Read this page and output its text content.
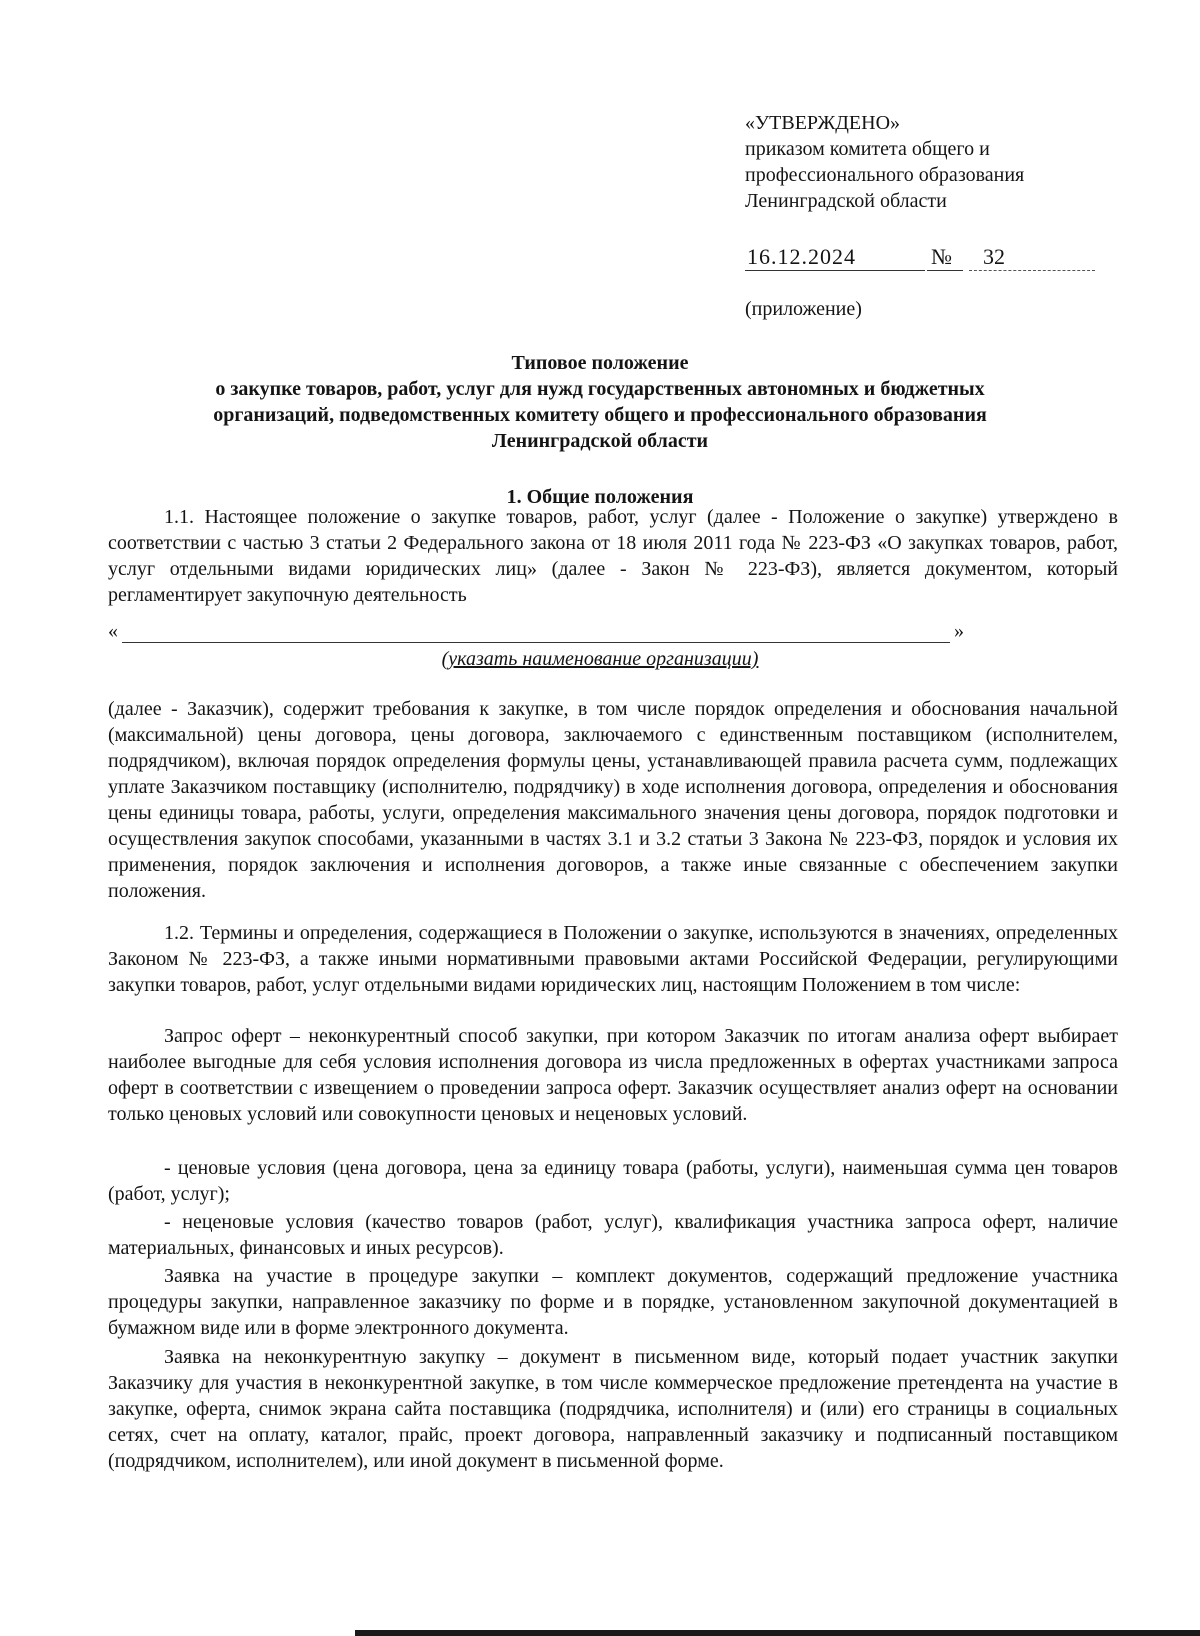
«УТВЕРЖДЕНО»
приказом комитета общего и
профессионального образования
Ленинградской области
16.12.2024	№	32
(приложение)
Типовое положение
о закупке товаров, работ, услуг для нужд государственных автономных и бюджетных
организаций, подведомственных комитету общего и профессионального образования
Ленинградской области
1. Общие положения

1.1. Настоящее положение о закупке товаров, работ, услуг (далее - Положение о закупке) утверждено в соответствии с частью 3 статьи 2 Федерального закона от 18 июля 2011 года № 223-ФЗ «О закупках товаров, работ, услуг отдельными видами юридических лиц» (далее - Закон № 223-ФЗ), является документом, который регламентирует закупочную деятельность

«	»
(указать наименование организации)

(далее - Заказчик), содержит требования к закупке, в том числе порядок определения и обоснования начальной (максимальной) цены договора, цены договора, заключаемого с единственным поставщиком (исполнителем, подрядчиком), включая порядок определения формулы цены, устанавливающей правила расчета сумм, подлежащих уплате Заказчиком поставщику (исполнителю, подрядчику) в ходе исполнения договора, определения и обоснования цены единицы товара, работы, услуги, определения максимального значения цены договора, порядок подготовки и осуществления закупок способами, указанными в частях 3.1 и 3.2 статьи 3 Закона № 223-ФЗ, порядок и условия их применения, порядок заключения и исполнения договоров, а также иные связанные с обеспечением закупки положения.

1.2. Термины и определения, содержащиеся в Положении о закупке, используются в значениях, определенных Законом № 223-ФЗ, а также иными нормативными правовыми актами Российской Федерации, регулирующими закупки товаров, работ, услуг отдельными видами юридических лиц, настоящим Положением в том числе:

Запрос оферт – неконкурентный способ закупки, при котором Заказчик по итогам анализа оферт выбирает наиболее выгодные для себя условия исполнения договора из числа предложенных в офертах участниками запроса оферт в соответствии с извещением о проведении запроса оферт. Заказчик осуществляет анализ оферт на основании только ценовых условий или совокупности ценовых и неценовых условий.

- ценовые условия (цена договора, цена за единицу товара (работы, услуги), наименьшая сумма цен товаров (работ, услуг);

- неценовые условия (качество товаров (работ, услуг), квалификация участника запроса оферт, наличие материальных, финансовых и иных ресурсов).

Заявка на участие в процедуре закупки – комплект документов, содержащий предложение участника процедуры закупки, направленное заказчику по форме и в порядке, установленном закупочной документацией в бумажном виде или в форме электронного документа.

Заявка на неконкурентную закупку – документ в письменном виде, который подает участник закупки Заказчику для участия в неконкурентной закупке, в том числе коммерческое предложение претендента на участие в закупке, оферта, снимок экрана сайта поставщика (подрядчика, исполнителя) и (или) его страницы в социальных сетях, счет на оплату, каталог, прайс, проект договора, направленный заказчику и подписанный поставщиком (подрядчиком, исполнителем), или иной документ в письменной форме.
